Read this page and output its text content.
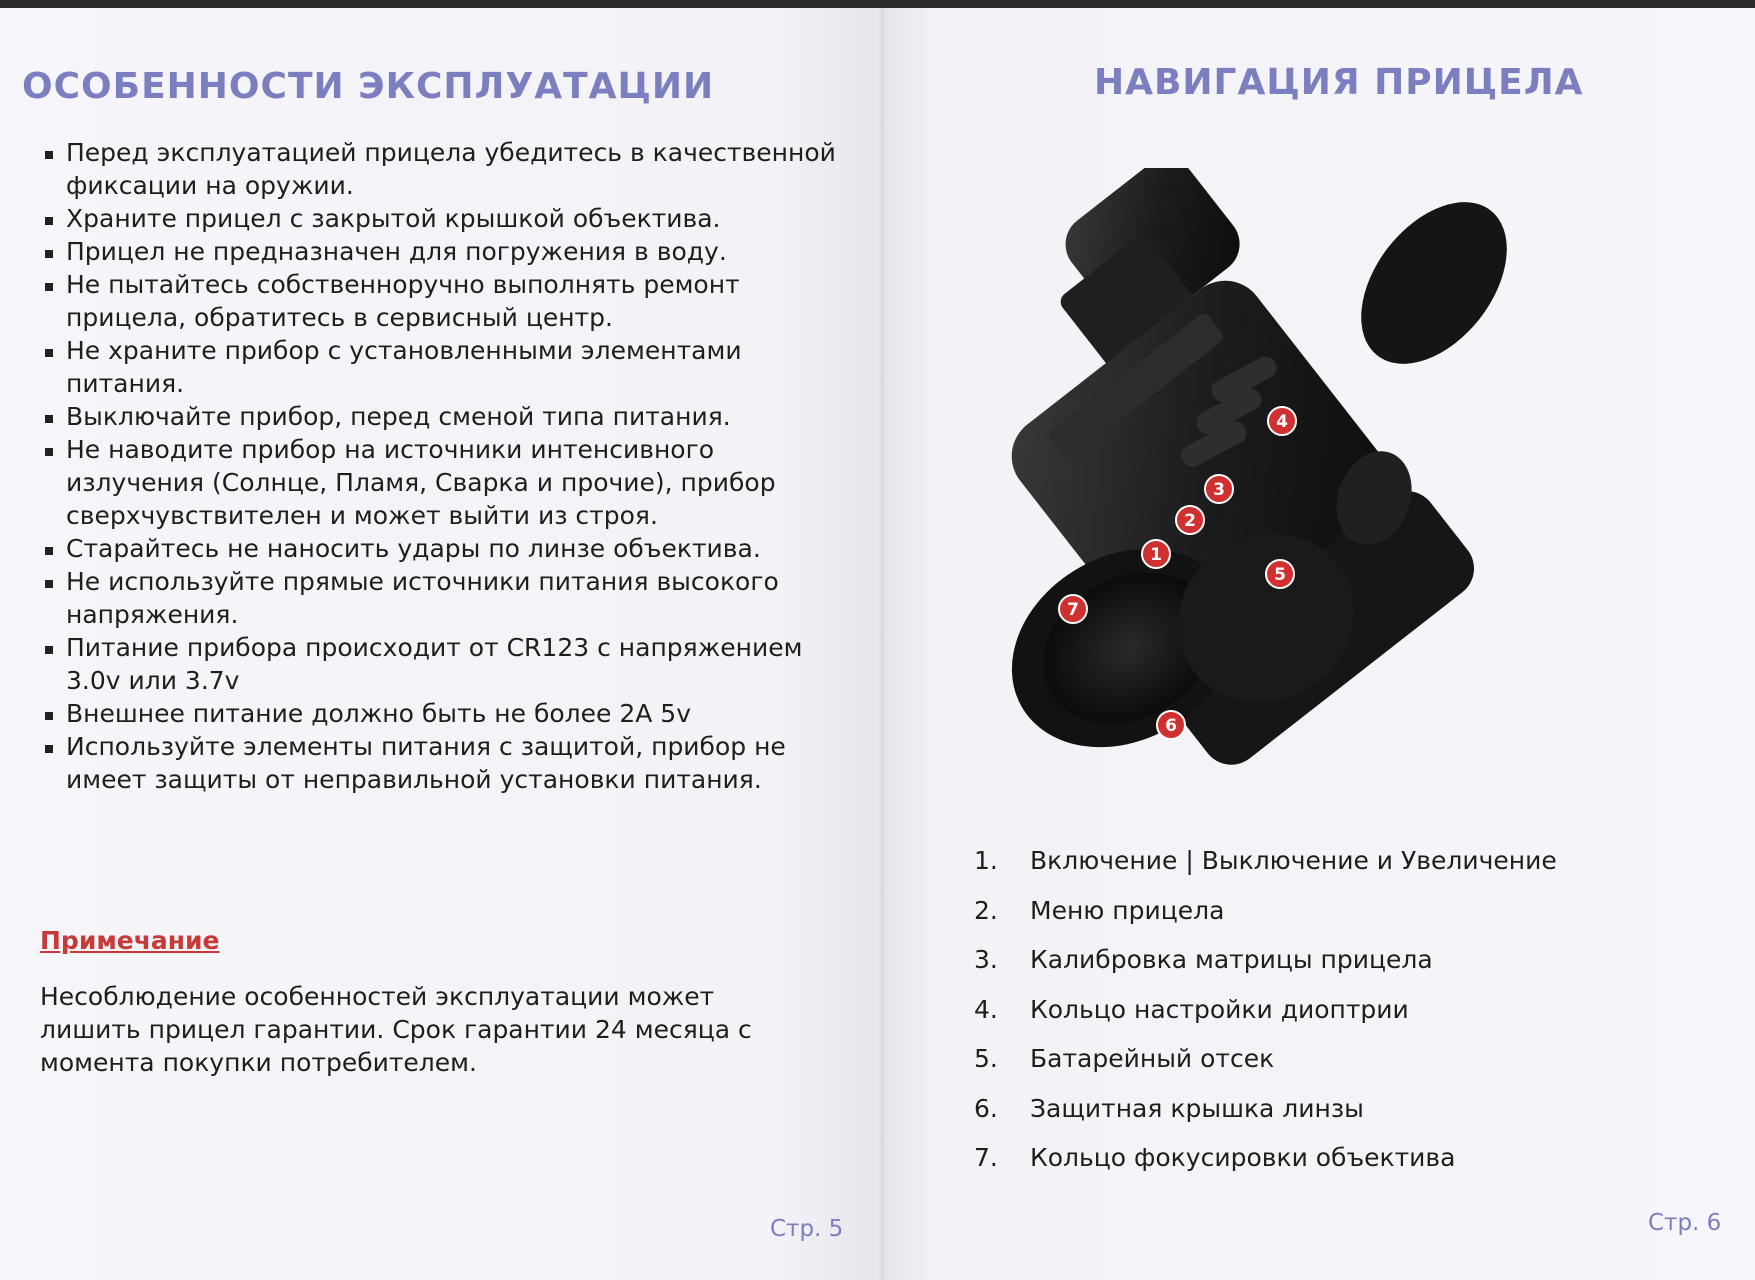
ОСОБЕННОСТИ ЭКСПЛУАТАЦИИ
Перед эксплуатацией прицела убедитесь в качественной фиксации на оружии.
Храните прицел с закрытой крышкой объектива.
Прицел не предназначен для погружения в воду.
Не пытайтесь собственноручно выполнять ремонт прицела, обратитесь в сервисный центр.
Не храните прибор с установленными элементами питания.
Выключайте прибор, перед сменой типа питания.
Не наводите прибор на источники интенсивного излучения (Солнце, Пламя, Сварка и прочие), прибор сверхчувствителен и может выйти из строя.
Старайтесь не наносить удары по линзе объектива.
Не используйте прямые источники питания высокого напряжения.
Питание прибора происходит от CR123 с напряжением 3.0v или 3.7v
Внешнее питание должно быть не более 2A 5v
Используйте элементы питания с защитой, прибор не имеет защиты от неправильной установки питания.
Примечание
Несоблюдение особенностей эксплуатации может лишить прицел гарантии. Срок гарантии 24 месяца с момента покупки потребителем.
Стр. 5
НАВИГАЦИЯ ПРИЦЕЛА
4
3
2
1
5
6
7
1.	Включение | Выключение и Увеличение
2.	Меню прицела
3.	Калибровка матрицы прицела
4.	Кольцо настройки диоптрии
5.	Батарейный отсек
6.	Защитная крышка линзы
7.	Кольцо фокусировки объектива
Стр. 6
